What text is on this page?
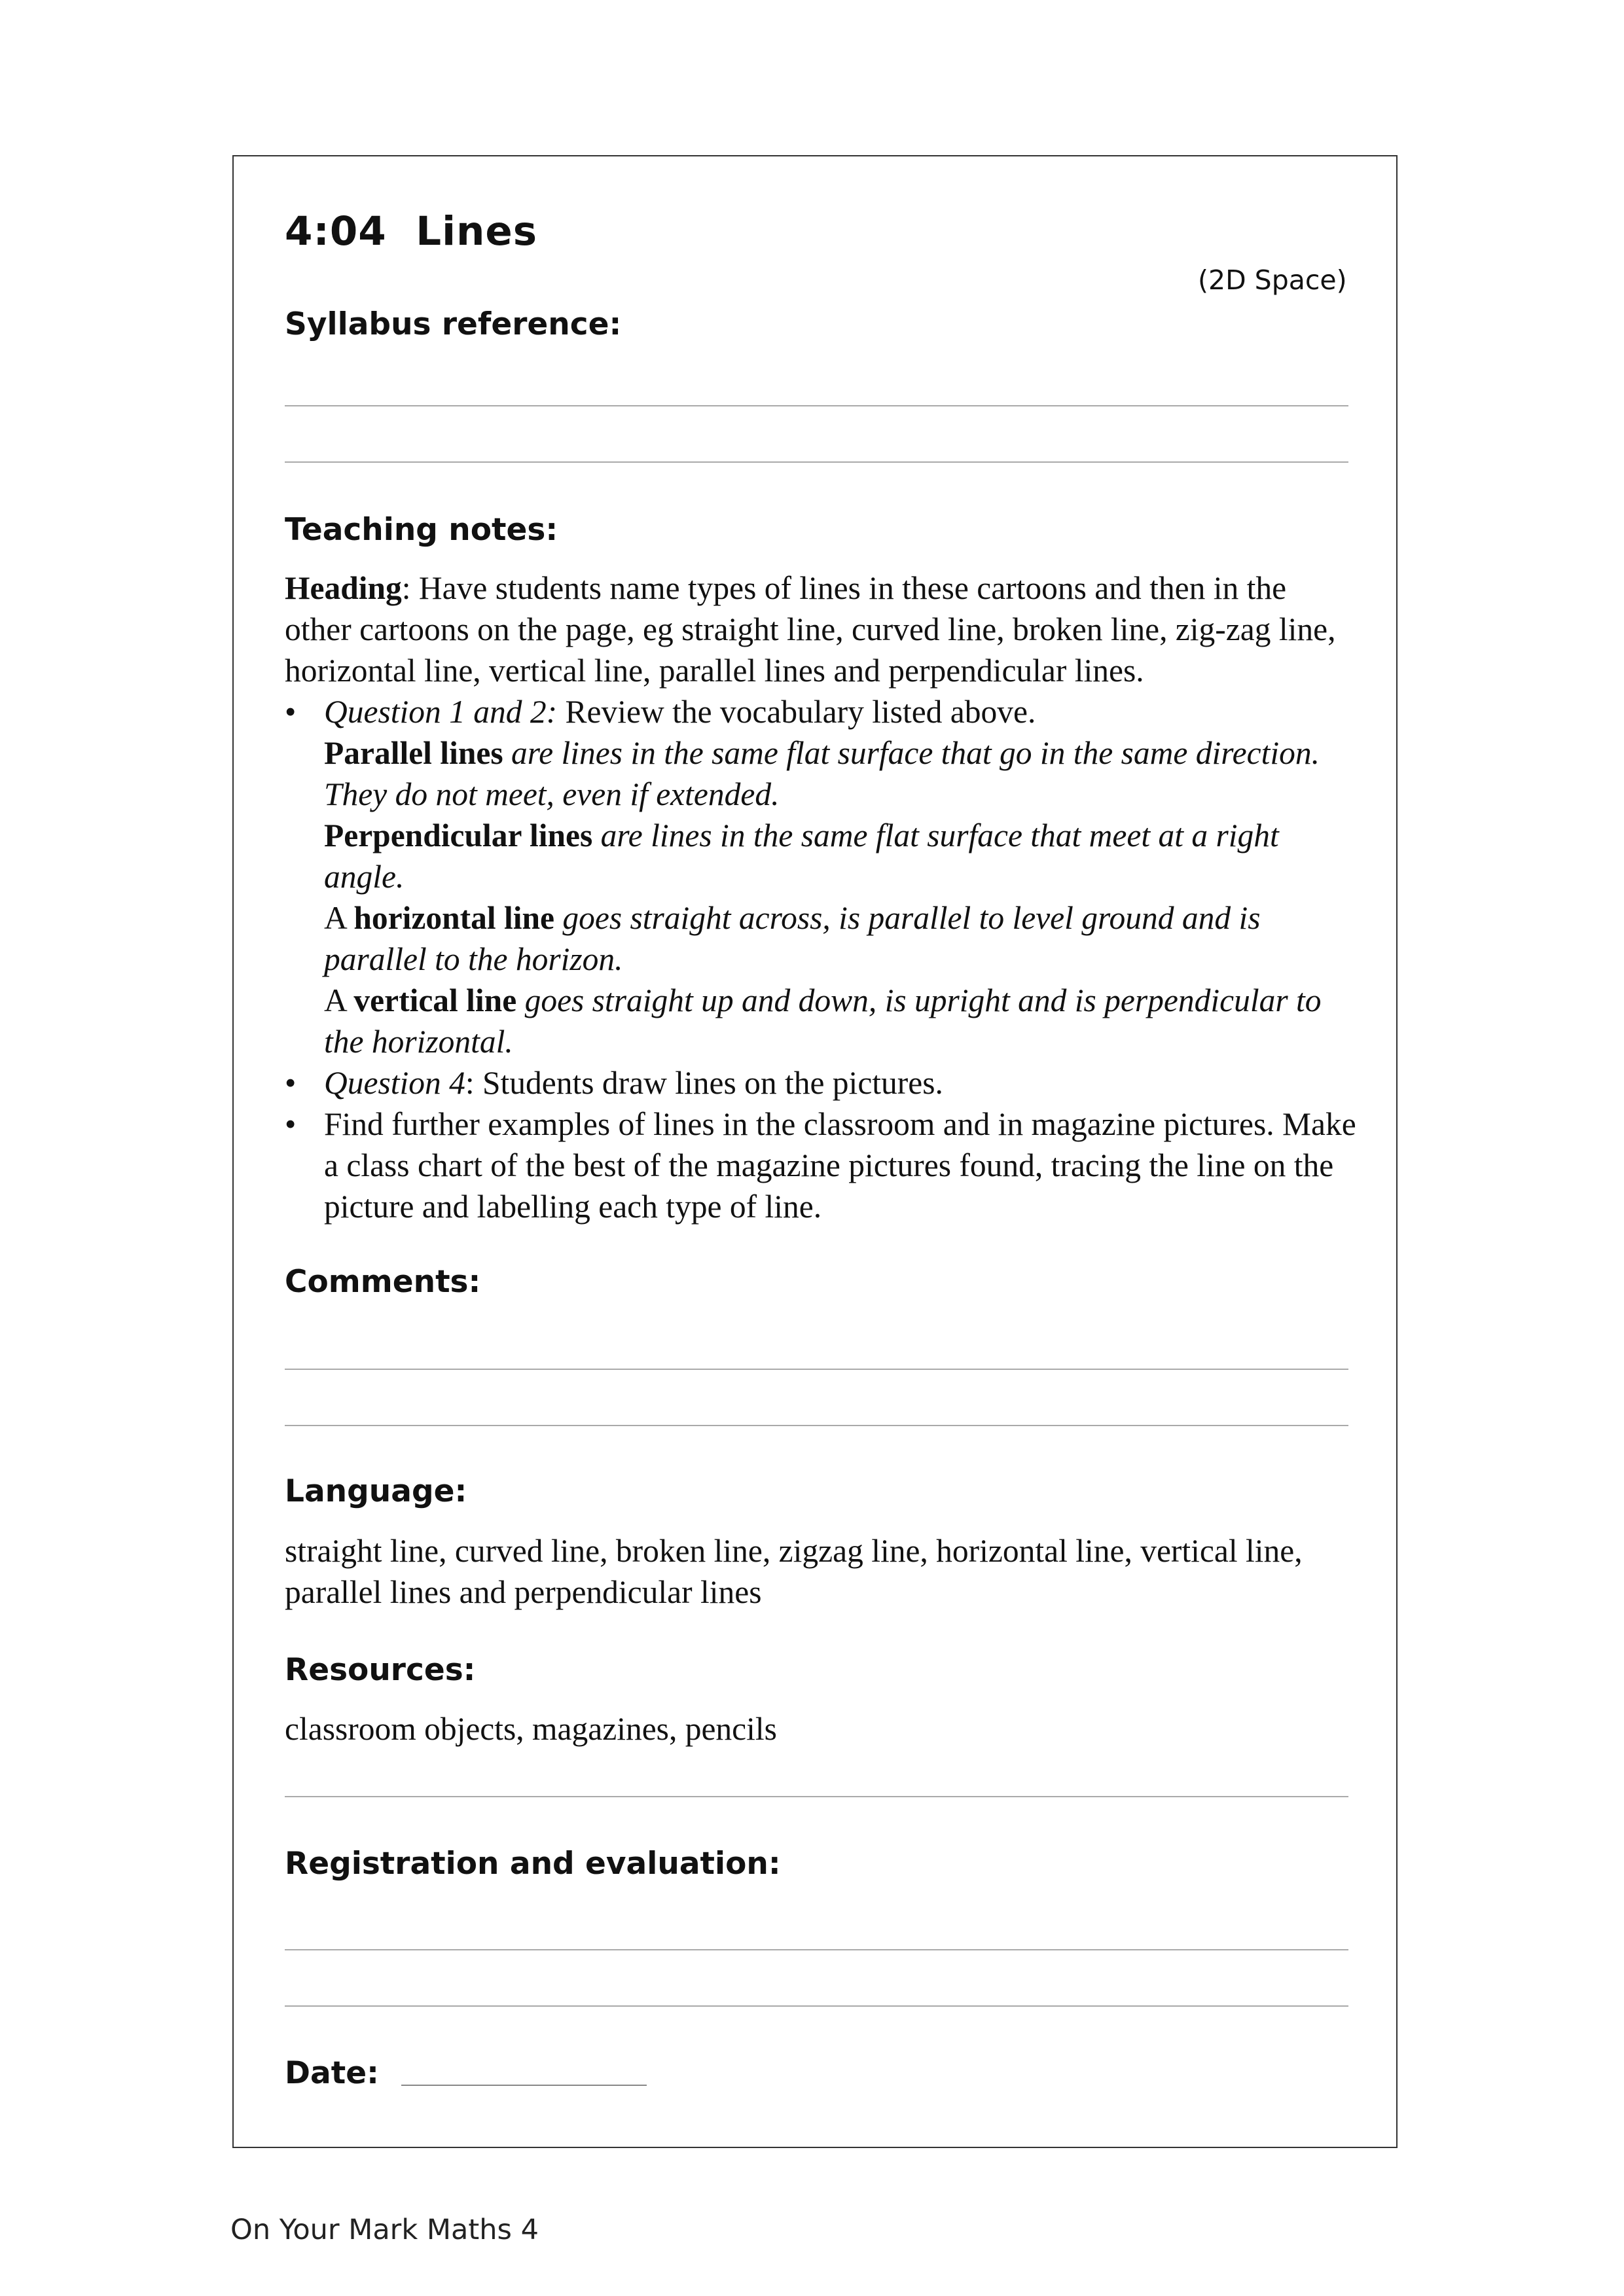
4:04  Lines
(2D Space)
Syllabus reference:
Teaching notes:
Heading: Have students name types of lines in these cartoons and then in the other cartoons on the page, eg straight line, curved line, broken line, zig-zag line, horizontal line, vertical line, parallel lines and perpendicular lines.
• Question 1 and 2: Review the vocabulary listed above.
Parallel lines are lines in the same flat surface that go in the same direction. They do not meet, even if extended.
Perpendicular lines are lines in the same flat surface that meet at a right angle.
A horizontal line goes straight across, is parallel to level ground and is parallel to the horizon.
A vertical line goes straight up and down, is upright and is perpendicular to the horizontal.
• Question 4: Students draw lines on the pictures.
• Find further examples of lines in the classroom and in magazine pictures. Make a class chart of the best of the magazine pictures found, tracing the line on the picture and labelling each type of line.
Comments:
Language:
straight line, curved line, broken line, zigzag line, horizontal line, vertical line, parallel lines and perpendicular lines
Resources:
classroom objects, magazines, pencils
Registration and evaluation:
Date:
On Your Mark Maths 4
